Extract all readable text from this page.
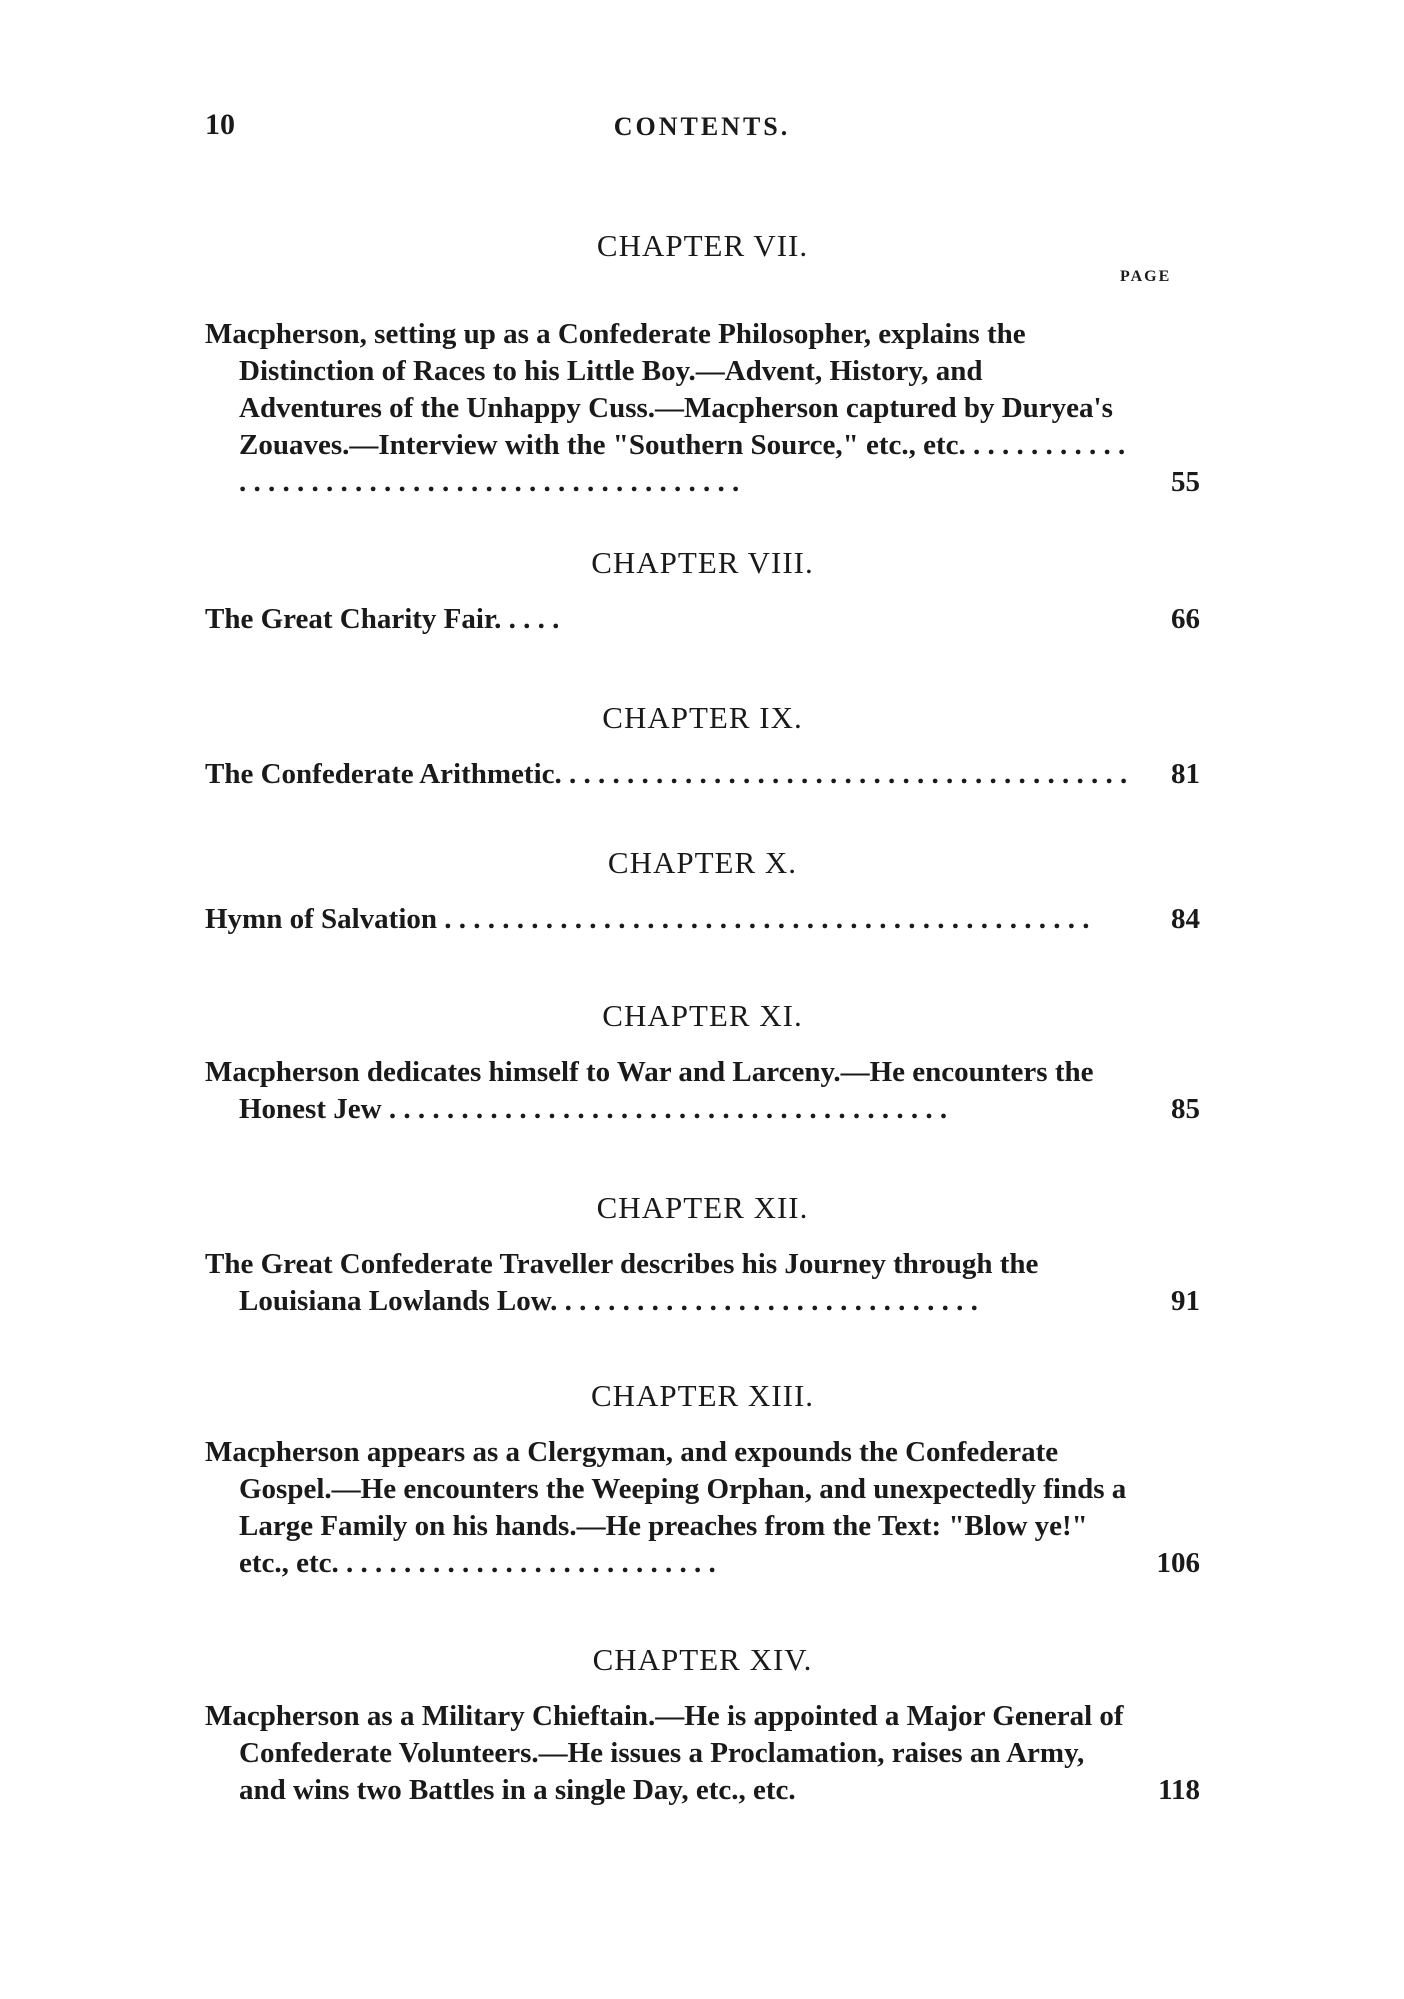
10	CONTENTS.
PAGE
CHAPTER VII.
Macpherson, setting up as a Confederate Philosopher, explains the Distinction of Races to his Little Boy.—Advent, History, and Adventures of the Unhappy Cuss.—Macpherson captured by Duryea's Zouaves.—Interview with the "Southern Source," etc., etc. . . . . . . . . . . . . . . . . . . . . . . . . . . . . . . . . . . . . . . . . . . . . . .	55
CHAPTER VIII.
The Great Charity Fair. . . . .	66
CHAPTER IX.
The Confederate Arithmetic. . . . . . . . . . . . . . . . . . . . . . . . . . . . . . . . . . . . . . . .	81
CHAPTER X.
Hymn of Salvation . . . . . . . . . . . . . . . . . . . . . . . . . . . . . . . . . . . . . . . . . . . . .	84
CHAPTER XI.
Macpherson dedicates himself to War and Larceny.—He encounters the Honest Jew . . . . . . . . . . . . . . . . . . . . . . . . . . . . . . . . . . . . . . .	85
CHAPTER XII.
The Great Confederate Traveller describes his Journey through the Louisiana Lowlands Low. . . . . . . . . . . . . . . . . . . . . . . . . . . . . .	91
CHAPTER XIII.
Macpherson appears as a Clergyman, and expounds the Confederate Gospel.—He encounters the Weeping Orphan, and unexpectedly finds a Large Family on his hands.—He preaches from the Text: "Blow ye!" etc., etc. . . . . . . . . . . . . . . . . . . . . . . . . . .	106
CHAPTER XIV.
Macpherson as a Military Chieftain.—He is appointed a Major General of Confederate Volunteers.—He issues a Proclamation, raises an Army, and wins two Battles in a single Day, etc., etc.	118
